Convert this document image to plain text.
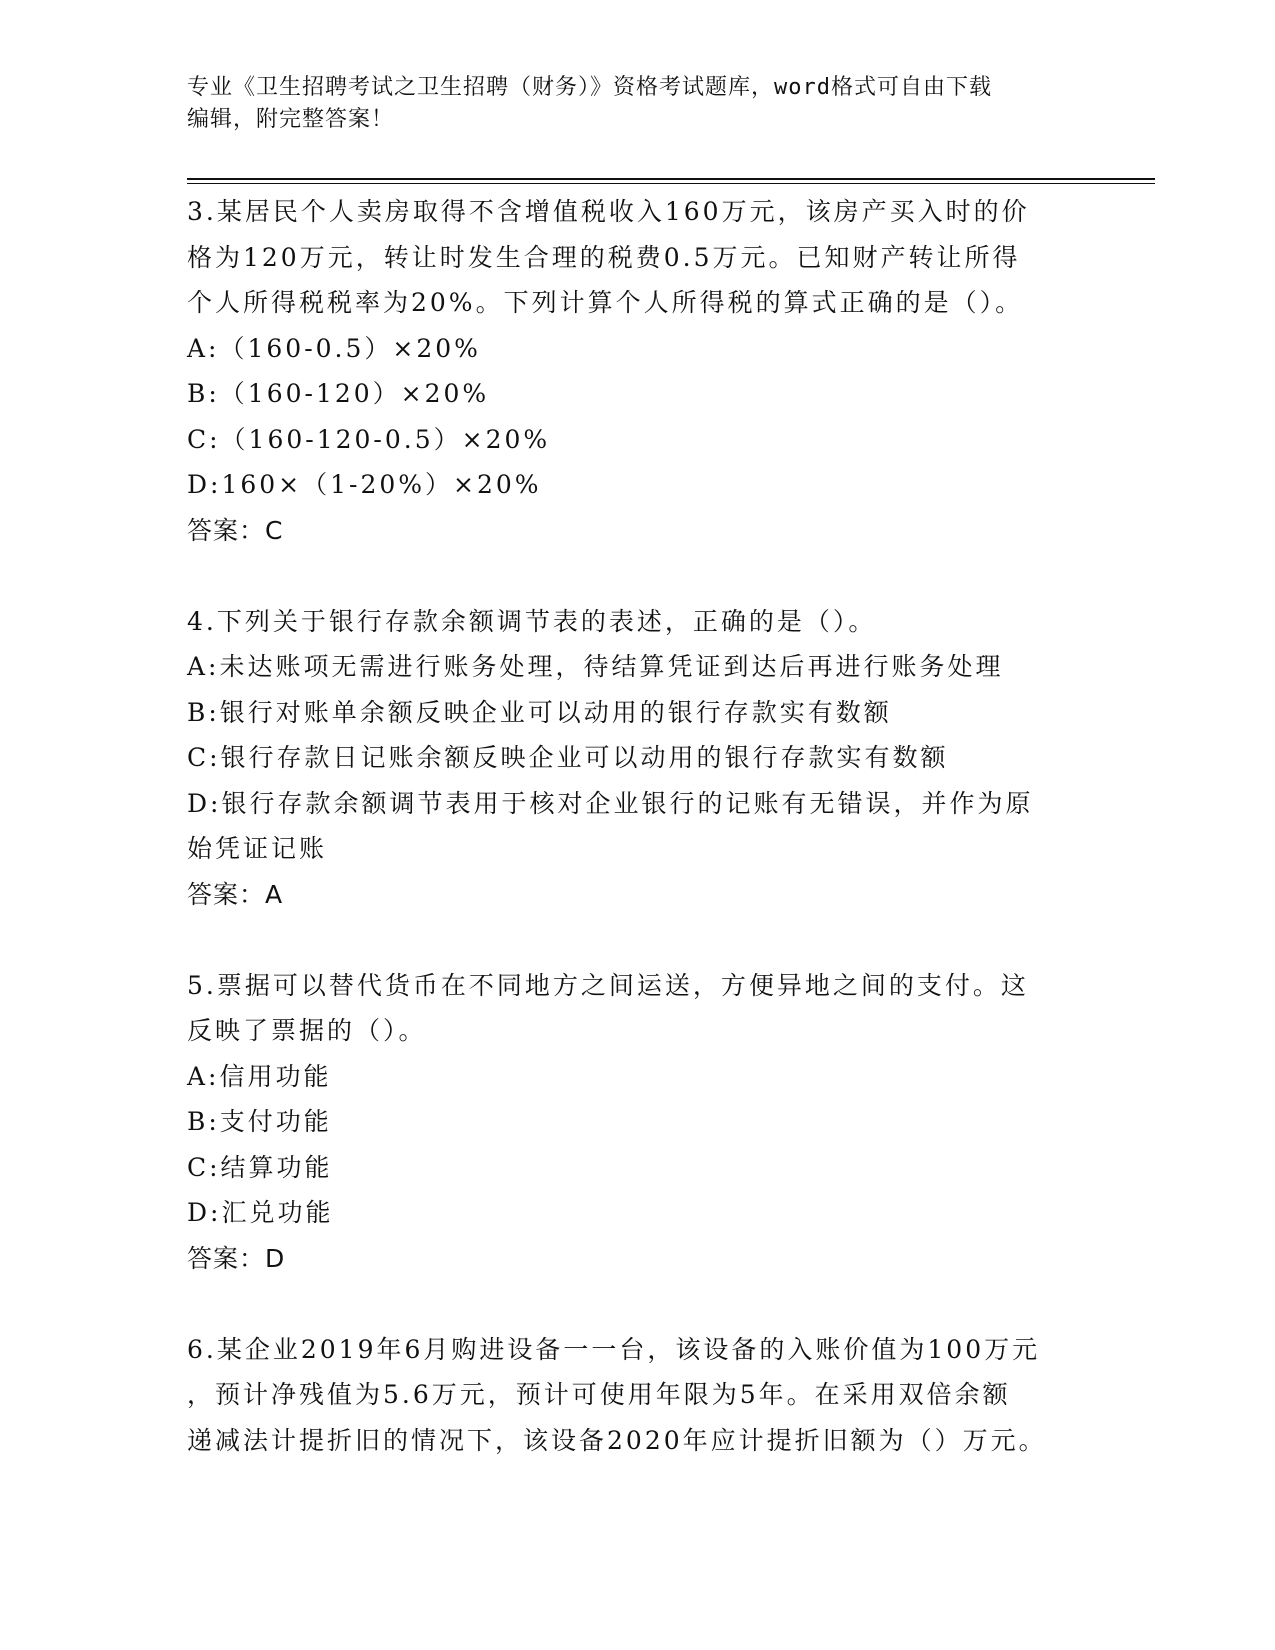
专业《卫生招聘考试之卫生招聘（财务）》资格考试题库，word格式可自由下载
编辑，附完整答案！
3.某居民个人卖房取得不含增值税收入160万元，该房产买入时的价
格为120万元，转让时发生合理的税费0.5万元。已知财产转让所得
个人所得税税率为20%。下列计算个人所得税的算式正确的是（）。
A:（160-0.5）×20%
B:（160-120）×20%
C:（160-120-0.5）×20%
D:160×（1-20%）×20%
答案：C
4.下列关于银行存款余额调节表的表述，正确的是（）。
A:未达账项无需进行账务处理，待结算凭证到达后再进行账务处理
B:银行对账单余额反映企业可以动用的银行存款实有数额
C:银行存款日记账余额反映企业可以动用的银行存款实有数额
D:银行存款余额调节表用于核对企业银行的记账有无错误，并作为原
始凭证记账
答案：A
5.票据可以替代货币在不同地方之间运送，方便异地之间的支付。这
反映了票据的（）。
A:信用功能
B:支付功能
C:结算功能
D:汇兑功能
答案：D
6.某企业2019年6月购进设备一一台，该设备的入账价值为100万元
，预计净残值为5.6万元，预计可使用年限为5年。在采用双倍余额
递减法计提折旧的情况下，该设备2020年应计提折旧额为（）万元。
